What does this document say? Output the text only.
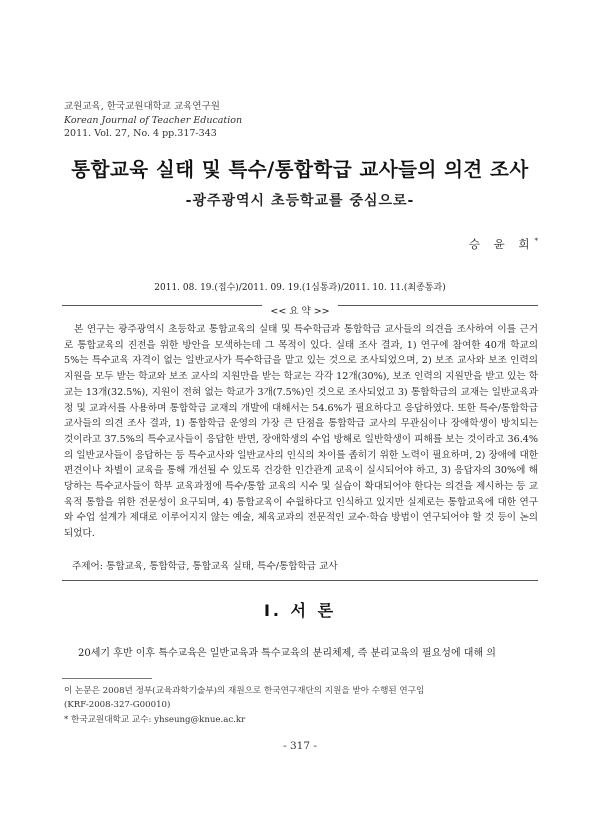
교원교육, 한국교원대학교 교육연구원
Korean Journal of Teacher Education
2011. Vol. 27, No. 4 pp.317-343
통합교육 실태 및 특수/통합학급 교사들의 의견 조사
-광주광역시 초등학교를 중심으로-
승 윤 희*
2011. 08. 19.(접수)/2011. 09. 19.(1심통과)/2011. 10. 11.(최종통과)
<< 요 약 >>

본 연구는 광주광역시 초등학교 통합교육의 실태 및 특수학급과 통합학급 교사들의 의견을 조사하여 이를 근거로 통합교육의 진전을 위한 방안을 모색하는데 그 목적이 있다. 실태 조사 결과, 1) 연구에 참여한 40개 학교의 5%는 특수교육 자격이 없는 일반교사가 특수학급을 맡고 있는 것으로 조사되었으며, 2) 보조 교사와 보조 인력의 지원을 모두 받는 학교와 보조 교사의 지원만을 받는 학교는 각각 12개(30%), 보조 인력의 지원만을 받고 있는 학교는 13개(32.5%), 지원이 전혀 없는 학교가 3개(7.5%)인 것으로 조사되었고 3) 통합학급의 교재는 일반교육과정 및 교과서를 사용하며 통합학급 교재의 개발에 대해서는 54.6%가 필요하다고 응답하였다. 또한 특수/통합학급 교사들의 의견 조사 결과, 1) 통합학급 운영의 가장 큰 단점을 통합학급 교사의 무관심이나 장애학생이 방치되는 것이라고 37.5%의 특수교사들이 응답한 반면, 장애학생의 수업 방해로 일반학생이 피해를 보는 것이라고 36.4%의 일반교사들이 응답하는 등 특수교사와 일반교사의 인식의 차이를 좁히기 위한 노력이 필요하며, 2) 장애에 대한 편견이나 차별이 교육을 통해 개선될 수 있도록 건강한 인간관계 교육이 실시되어야 하고, 3) 응답자의 30%에 해당하는 특수교사들이 학부 교육과정에 특수/통합 교육의 시수 및 실습이 확대되어야 한다는 의견을 제시하는 등 교육적 통합을 위한 전문성이 요구되며, 4) 통합교육이 수월하다고 인식하고 있지만 실제로는 통합교육에 대한 연구와 수업 설계가 제대로 이루어지지 않는 예술, 체육교과의 전문적인 교수·학습 방법이 연구되어야 할 것 등이 논의되었다.

주제어: 통합교육, 통합학급, 통합교육 실태, 특수/통합학급 교사
Ⅰ. 서 론
20세기 후반 이후 특수교육은 일반교육과 특수교육의 분리체제, 즉 분리교육의 필요성에 대해 의
이 논문은 2008년 정부(교육과학기술부)의 재원으로 한국연구재단의 지원을 받아 수행된 연구임
(KRF-2008-327-G00010)
* 한국교원대학교 교수: yhseung@knue.ac.kr
- 317 -
